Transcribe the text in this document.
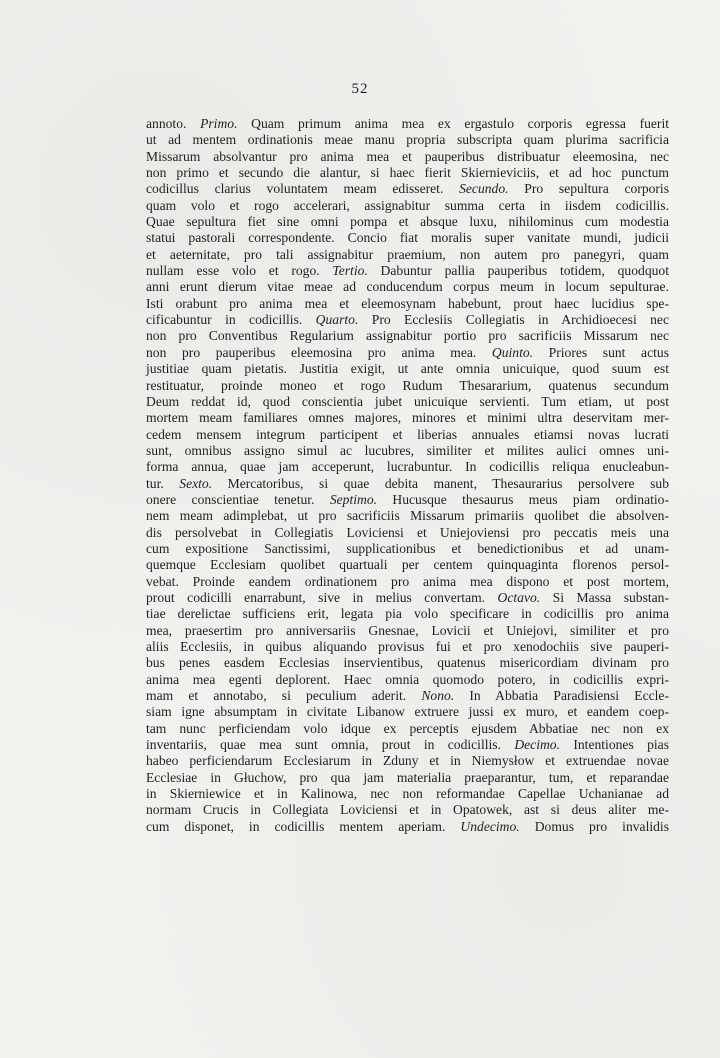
52
annoto. Primo. Quam primum anima mea ex ergastulo corporis egressa fuerit
ut ad mentem ordinationis meae manu propria subscripta quam plurima sacrificia
Missarum absolvantur pro anima mea et pauperibus distribuatur eleemosina, nec
non primo et secundo die alantur, si haec fierit Skiernieviciis, et ad hoc punctum
codicillus clarius voluntatem meam edisseret. Secundo. Pro sepultura corporis
quam volo et rogo accelerari, assignabitur summa certa in iisdem codicillis.
Quae sepultura fiet sine omni pompa et absque luxu, nihilominus cum modestia
statui pastorali correspondente. Concio fiat moralis super vanitate mundi, judicii
et aeternitate, pro tali assignabitur praemium, non autem pro panegyri, quam
nullam esse volo et rogo. Tertio. Dabuntur pallia pauperibus totidem, quodquot
anni erunt dierum vitae meae ad conducendum corpus meum in locum sepulturae.
Isti orabunt pro anima mea et eleemosynam habebunt, prout haec lucidius spe-
cificabuntur in codicillis. Quarto. Pro Ecclesiis Collegiatis in Archidioecesi nec
non pro Conventibus Regularium assignabitur portio pro sacrificiis Missarum nec
non pro pauperibus eleemosina pro anima mea. Quinto. Priores sunt actus
justitiae quam pietatis. Justitia exigit, ut ante omnia unicuique, quod suum est
restituatur, proinde moneo et rogo Rudum Thesararium, quatenus secundum
Deum reddat id, quod conscientia jubet unicuique servienti. Tum etiam, ut post
mortem meam familiares omnes majores, minores et minimi ultra deservitam mer-
cedem mensem integrum participent et liberias annuales etiamsi novas lucrati
sunt, omnibus assigno simul ac lucubres, similiter et milites aulici omnes uni-
forma annua, quae jam acceperunt, lucrabuntur. In codicillis reliqua enucleabun-
tur. Sexto. Mercatoribus, si quae debita manent, Thesaurarius persolvere sub
onere conscientiae tenetur. Septimo. Hucusque thesaurus meus piam ordinatio-
nem meam adimplebat, ut pro sacrificiis Missarum primariis quolibet die absolven-
dis persolvebat in Collegiatis Loviciensi et Uniejoviensi pro peccatis meis una
cum expositione Sanctissimi, supplicationibus et benedictionibus et ad unam-
quemque Ecclesiam quolibet quartuali per centem quinquaginta florenos persol-
vebat. Proinde eandem ordinationem pro anima mea dispono et post mortem,
prout codicilli enarrabunt, sive in melius convertam. Octavo. Si Massa substan-
tiae derelictae sufficiens erit, legata pia volo specificare in codicillis pro anima
mea, praesertim pro anniversariis Gnesnae, Lovicii et Uniejovi, similiter et pro
aliis Ecclesiis, in quibus aliquando provisus fui et pro xenodochiis sive pauperi-
bus penes easdem Ecclesias inservientibus, quatenus misericordiam divinam pro
anima mea egenti deplorent. Haec omnia quomodo potero, in codicillis expri-
mam et annotabo, si peculium aderit. Nono. In Abbatia Paradisiensi Eccle-
siam igne absumptam in civitate Libanow extruere jussi ex muro, et eandem coep-
tam nunc perficiendam volo idque ex perceptis ejusdem Abbatiae nec non ex
inventariis, quae mea sunt omnia, prout in codicillis. Decimo. Intentiones pias
habeo perficiendarum Ecclesiarum in Zduny et in Niemysłow et extruendae novae
Ecclesiae in Głuchow, pro qua jam materialia praeparantur, tum, et reparandae
in Skierniewice et in Kalinowa, nec non reformandae Capellae Uchanianae ad
normam Crucis in Collegiata Loviciensi et in Opatowek, ast si deus aliter me-
cum disponet, in codicillis mentem aperiam. Undecimo. Domus pro invalidis
